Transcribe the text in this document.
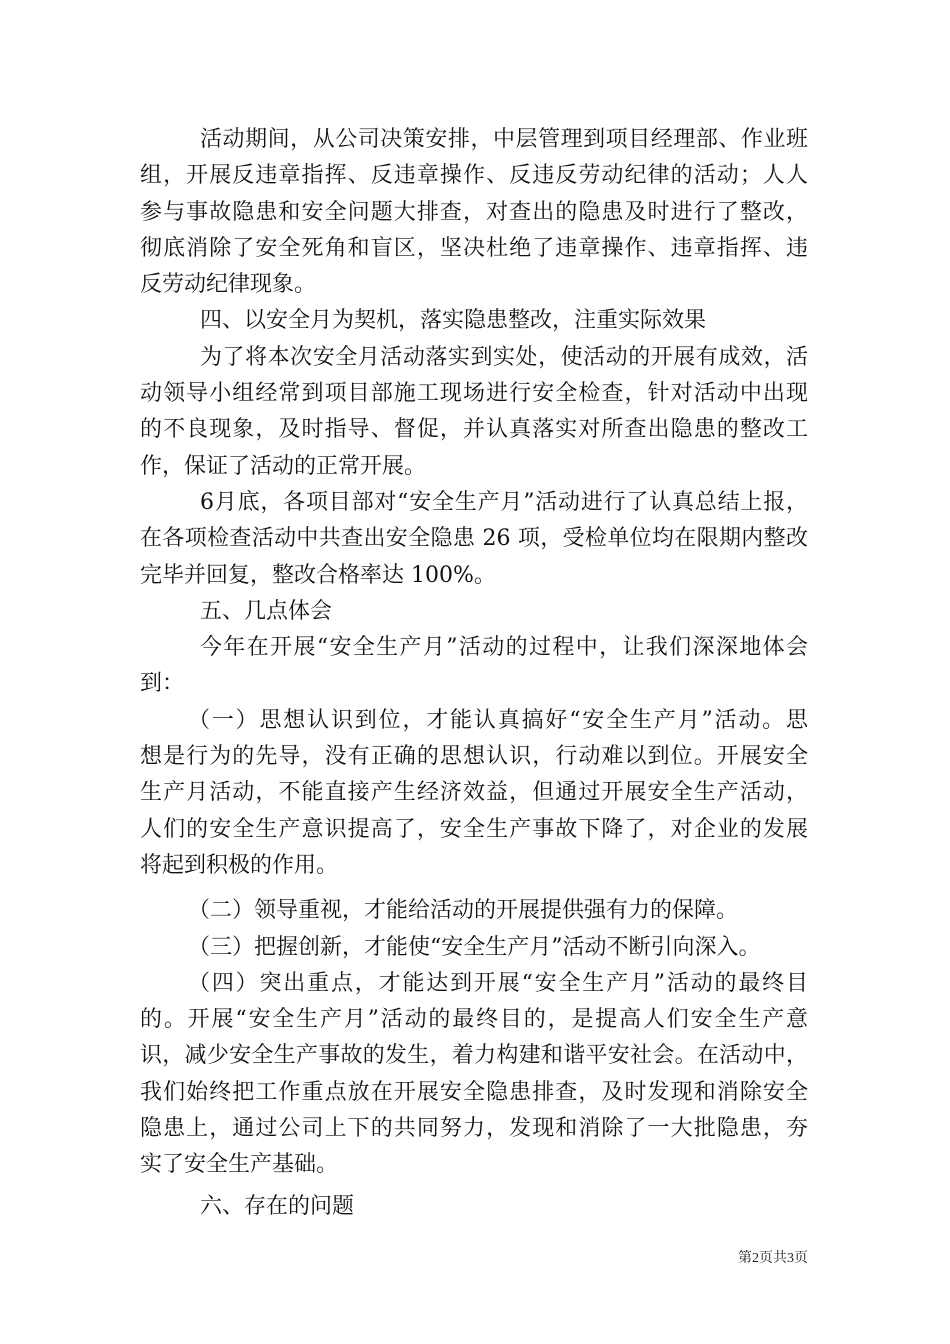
活动期间，从公司决策安排，中层管理到项目经理部、作业班
组，开展反违章指挥、反违章操作、反违反劳动纪律的活动；人人
参与事故隐患和安全问题大排查，对查出的隐患及时进行了整改，
彻底消除了安全死角和盲区，坚决杜绝了违章操作、违章指挥、违
反劳动纪律现象。
四、以安全月为契机，落实隐患整改，注重实际效果
为了将本次安全月活动落实到实处，使活动的开展有成效，活
动领导小组经常到项目部施工现场进行安全检查，针对活动中出现
的不良现象，及时指导、督促，并认真落实对所查出隐患的整改工
作，保证了活动的正常开展。
6月底，各项目部对“安全生产月”活动进行了认真总结上报，
在各项检查活动中共查出安全隐患 26 项，受检单位均在限期内整改
完毕并回复，整改合格率达 100%。
五、几点体会
今年在开展“安全生产月”活动的过程中，让我们深深地体会
到：
（一）思想认识到位，才能认真搞好“安全生产月”活动。思
想是行为的先导，没有正确的思想认识，行动难以到位。开展安全
生产月活动，不能直接产生经济效益，但通过开展安全生产活动，
人们的安全生产意识提高了，安全生产事故下降了，对企业的发展
将起到积极的作用。
（二）领导重视，才能给活动的开展提供强有力的保障。
（三）把握创新，才能使“安全生产月”活动不断引向深入。
（四）突出重点，才能达到开展“安全生产月”活动的最终目
的。开展“安全生产月”活动的最终目的，是提高人们安全生产意
识，减少安全生产事故的发生，着力构建和谐平安社会。在活动中，
我们始终把工作重点放在开展安全隐患排查，及时发现和消除安全
隐患上，通过公司上下的共同努力，发现和消除了一大批隐患，夯
实了安全生产基础。
六、存在的问题
第2页共3页
